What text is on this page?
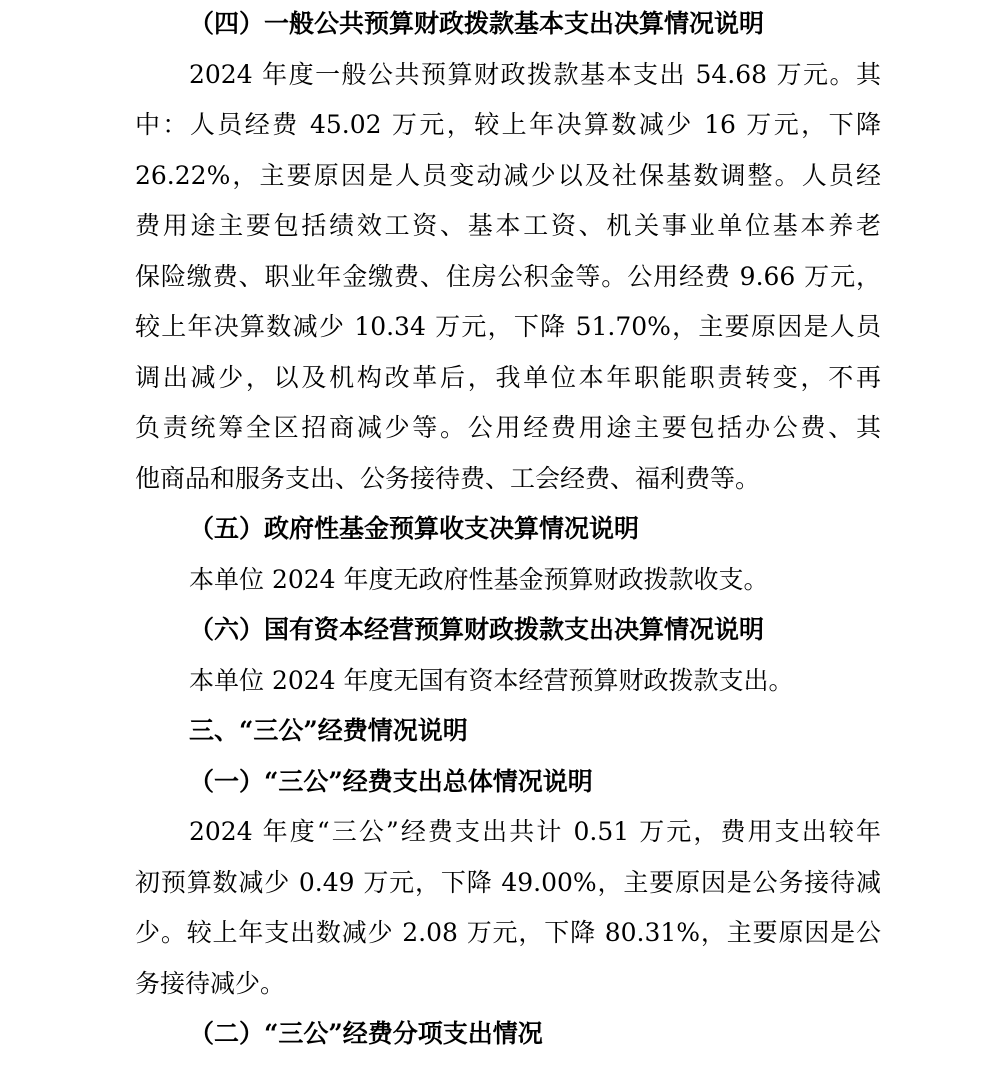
（四）一般公共预算财政拨款基本支出决算情况说明
2024 年度一般公共预算财政拨款基本支出 54.68 万元。其
中：人员经费 45.02 万元，较上年决算数减少 16 万元，下降
26.22%，主要原因是人员变动减少以及社保基数调整。人员经
费用途主要包括绩效工资、基本工资、机关事业单位基本养老
保险缴费、职业年金缴费、住房公积金等。公用经费 9.66 万元，
较上年决算数减少 10.34 万元，下降 51.70%，主要原因是人员
调出减少，以及机构改革后，我单位本年职能职责转变，不再
负责统筹全区招商减少等。公用经费用途主要包括办公费、其
他商品和服务支出、公务接待费、工会经费、福利费等。
（五）政府性基金预算收支决算情况说明
本单位 2024 年度无政府性基金预算财政拨款收支。
（六）国有资本经营预算财政拨款支出决算情况说明
本单位 2024 年度无国有资本经营预算财政拨款支出。
三、“三公”经费情况说明
（一）“三公”经费支出总体情况说明
2024 年度“三公”经费支出共计 0.51 万元，费用支出较年
初预算数减少 0.49 万元，下降 49.00%，主要原因是公务接待减
少。较上年支出数减少 2.08 万元，下降 80.31%，主要原因是公
务接待减少。
（二）“三公”经费分项支出情况
